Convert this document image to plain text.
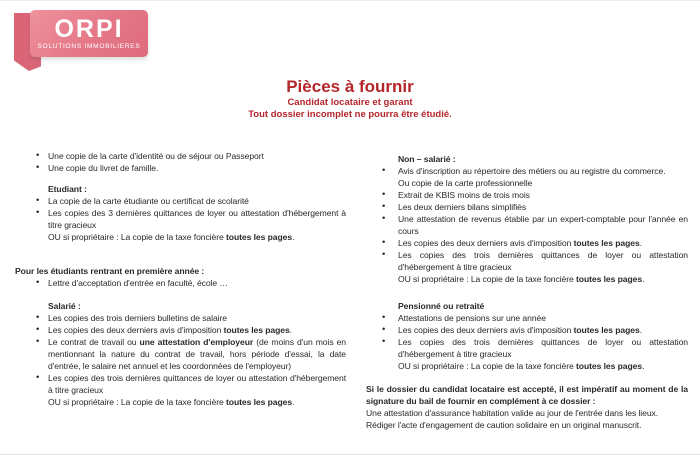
ORPI
SOLUTIONS IMMOBILIERES
Pièces à fournir
Candidat locataire et garant
Tout dossier incomplet ne pourra être étudié.
• Une copie de la carte d'identité ou de séjour ou Passeport
• Une copie du livret de famille.
Etudiant :
• La copie de la carte étudiante ou certificat de scolarité
• Les copies des 3 dernières quittances de loyer ou attestation d'hébergement à titre gracieux
OU si propriétaire : La copie de la taxe foncière toutes les pages.
Pour les étudiants rentrant en première année :
• Lettre d'acceptation d'entrée en faculté, école …
Salarié :
• Les copies des trois derniers bulletins de salaire
• Les copies des deux derniers avis d'imposition toutes les pages.
• Le contrat de travail ou une attestation d'employeur (de moins d'un mois en mentionnant la nature du contrat de travail, hors période d'essai, la date d'entrée, le salaire net annuel et les coordonnées de l'employeur)
• Les copies des trois dernières quittances de loyer ou attestation d'hébergement à titre gracieux
OU si propriétaire : La copie de la taxe foncière toutes les pages.
Non – salarié :
• Avis d'inscription au répertoire des métiers ou au registre du commerce.
Ou copie de la carte professionnelle
• Extrait de KBIS moins de trois mois
• Les deux derniers bilans simplifiés
• Une attestation de revenus établie par un expert-comptable pour l'année en cours
• Les copies des deux derniers avis d'imposition toutes les pages.
• Les copies des trois dernières quittances de loyer ou attestation d'hébergement à titre gracieux
OU si propriétaire : La copie de la taxe foncière toutes les pages.
Pensionné ou retraité
• Attestations de pensions sur une année
• Les copies des deux derniers avis d'imposition toutes les pages.
• Les copies des trois dernières quittances de loyer ou attestation d'hébergement à titre gracieux
OU si propriétaire : La copie de la taxe foncière toutes les pages.
Si le dossier du candidat locataire est accepté, il est impératif au moment de la signature du bail de fournir en complément à ce dossier :
Une attestation d'assurance habitation valide au jour de l'entrée dans les lieux.
Rédiger l'acte d'engagement de caution solidaire en un original manuscrit.
